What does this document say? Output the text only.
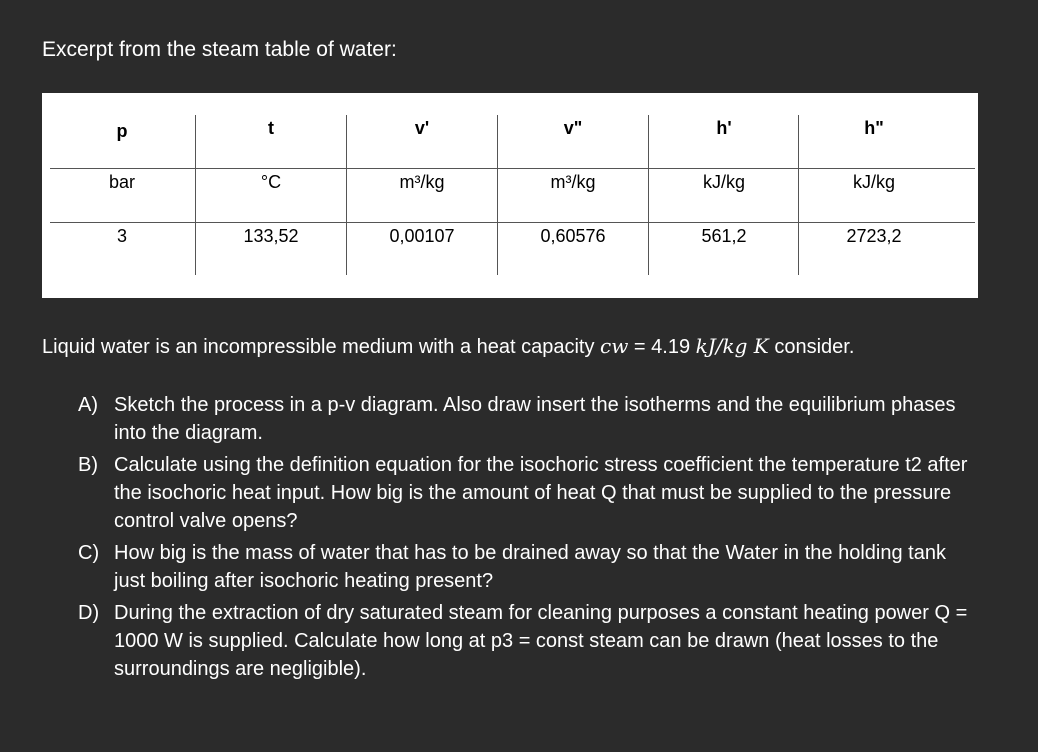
Excerpt from the steam table of water:
p	t	v'	v"	h'	h"
bar	°C	m³/kg	m³/kg	kJ/kg	kJ/kg
3	133,52	0,00107	0,60576	561,2	2723,2
Liquid water is an incompressible medium with a heat capacity cw = 4.19 kJ/kg K consider.
A) Sketch the process in a p-v diagram. Also draw insert the isotherms and the equilibrium phases into the diagram.
B) Calculate using the definition equation for the isochoric stress coefficient the temperature t2 after the isochoric heat input. How big is the amount of heat Q that must be supplied to the pressure control valve opens?
C) How big is the mass of water that has to be drained away so that the Water in the holding tank just boiling after isochoric heating present?
D) During the extraction of dry saturated steam for cleaning purposes a constant heating power Q = 1000 W is supplied. Calculate how long at p3 = const steam can be drawn (heat losses to the surroundings are negligible).
